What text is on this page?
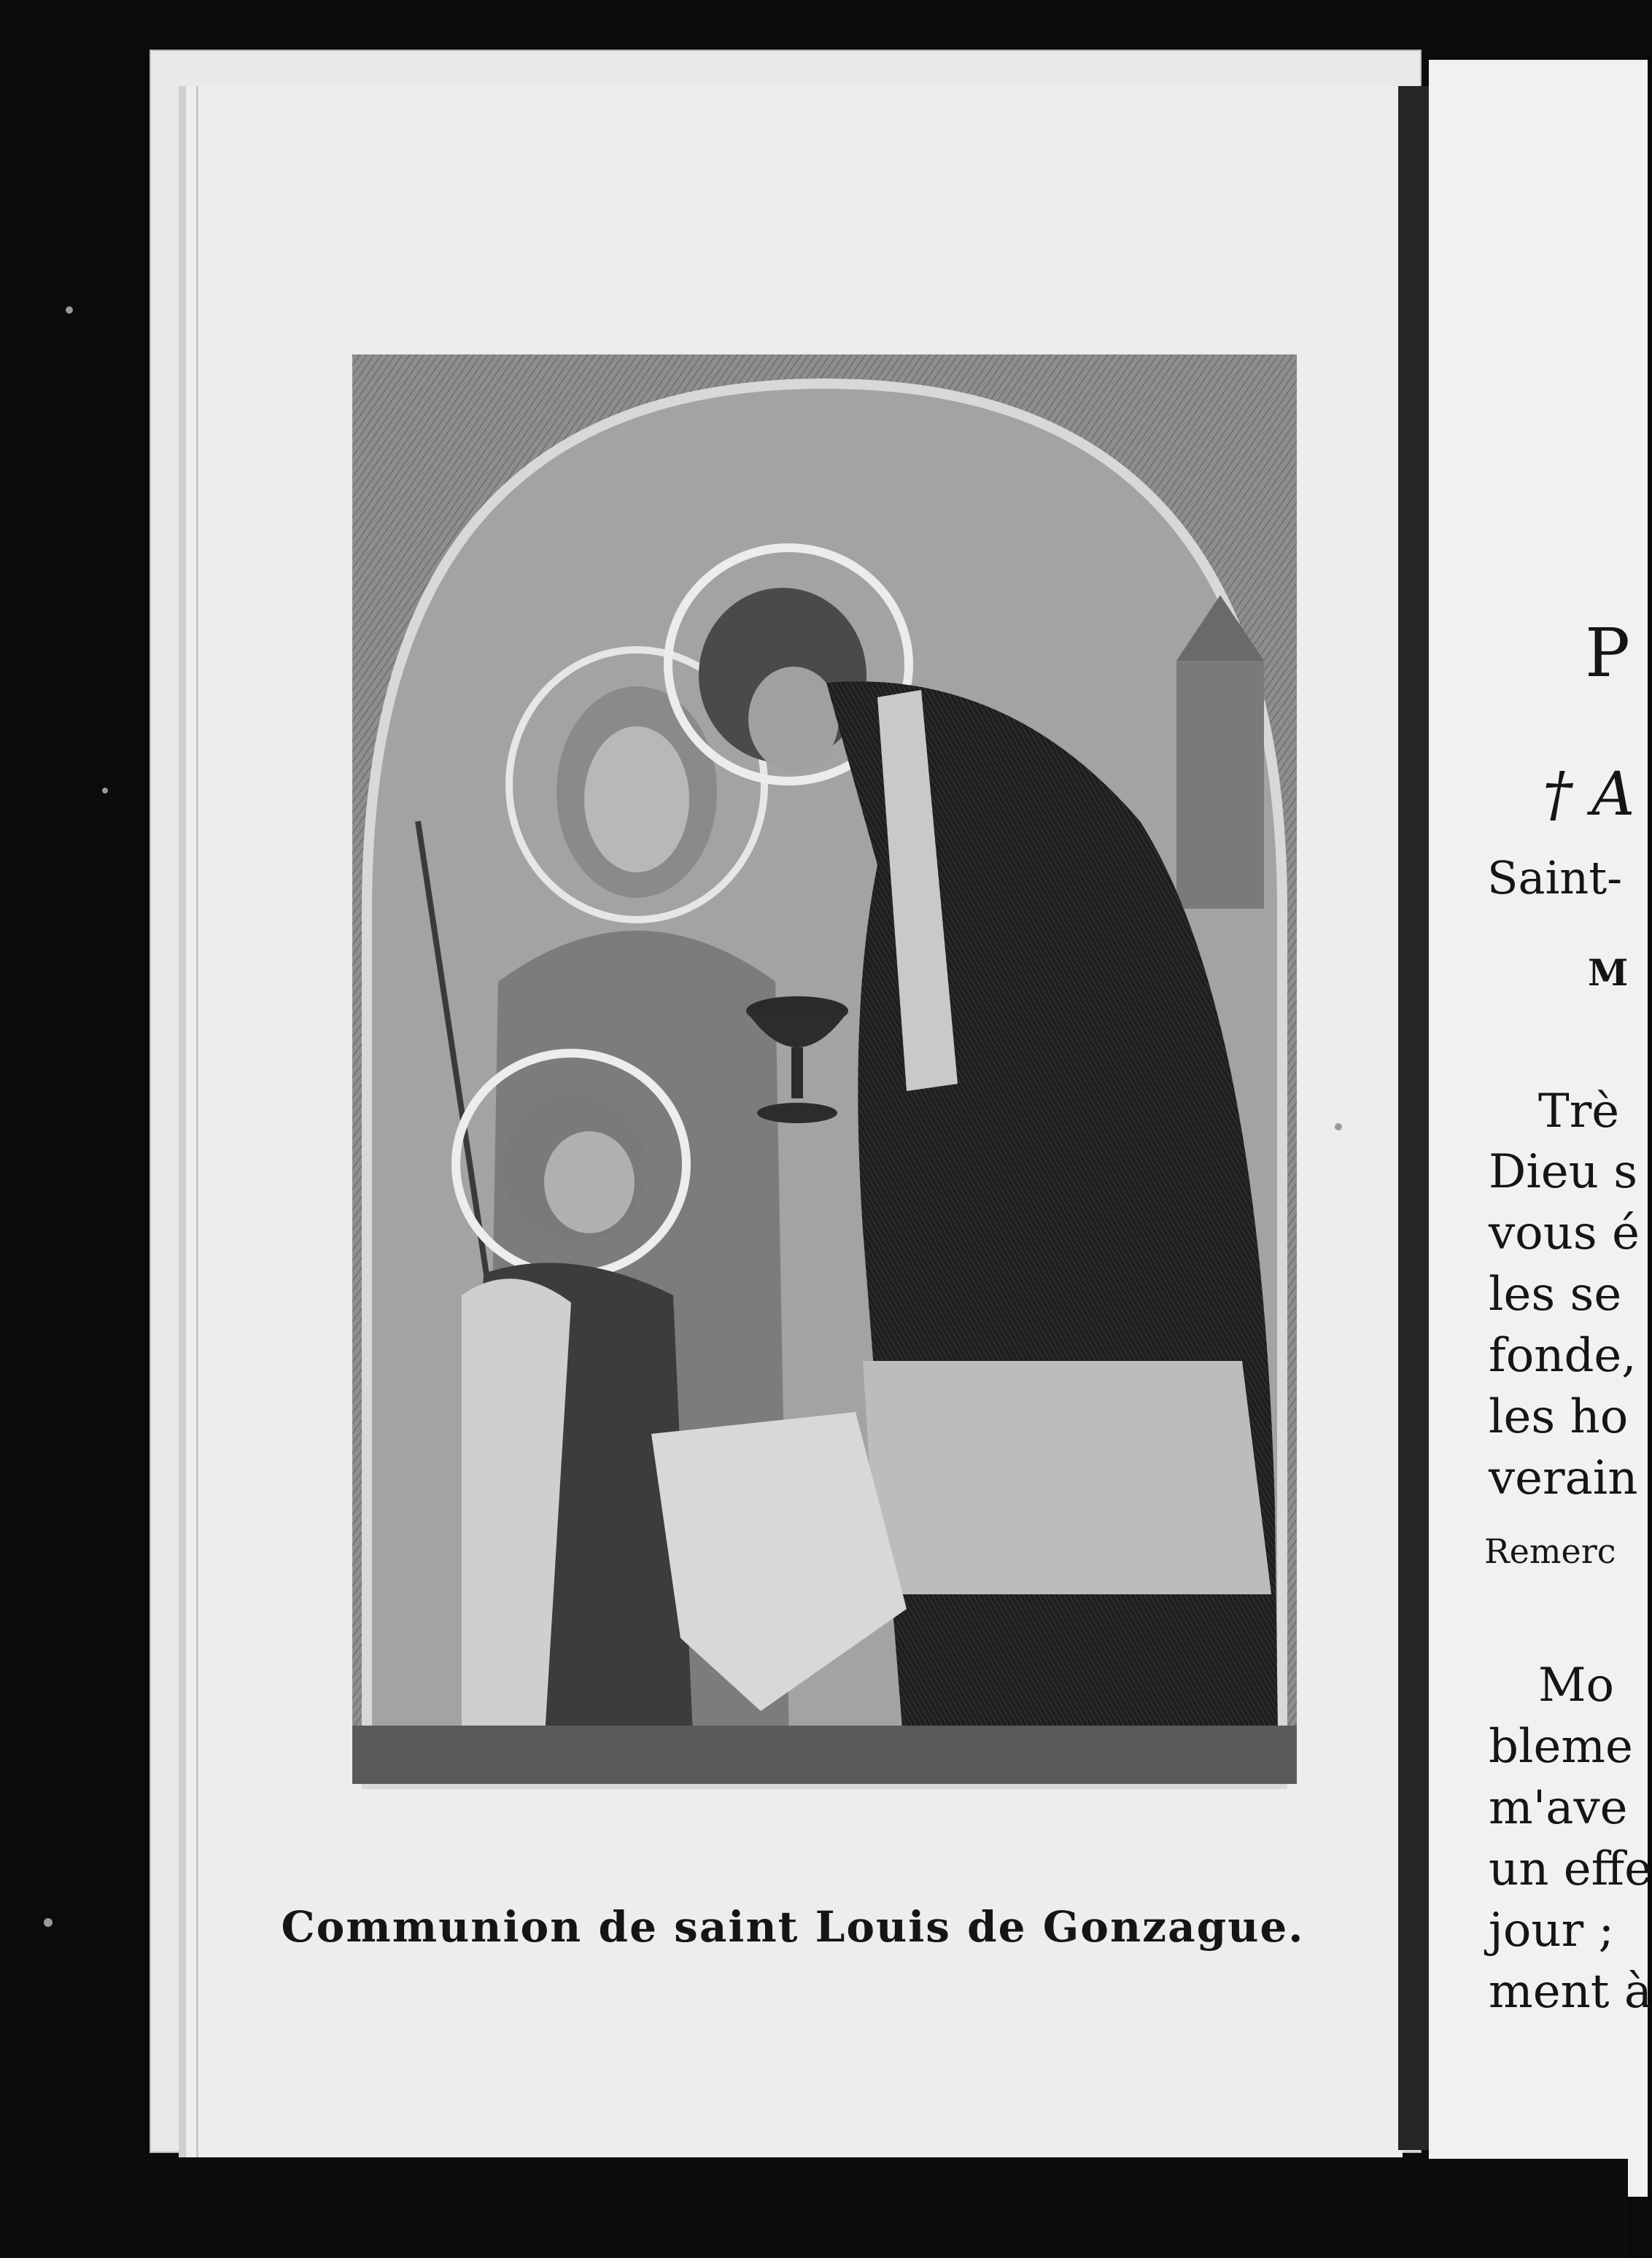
Communion de saint Louis de Gonzague.
P
† A
Saint-
M
Trè
Dieu s
vous é
les se
fonde,
les ho
verain
Remerc
Mo
bleme
m'ave
un effe
jour ;
ment à
